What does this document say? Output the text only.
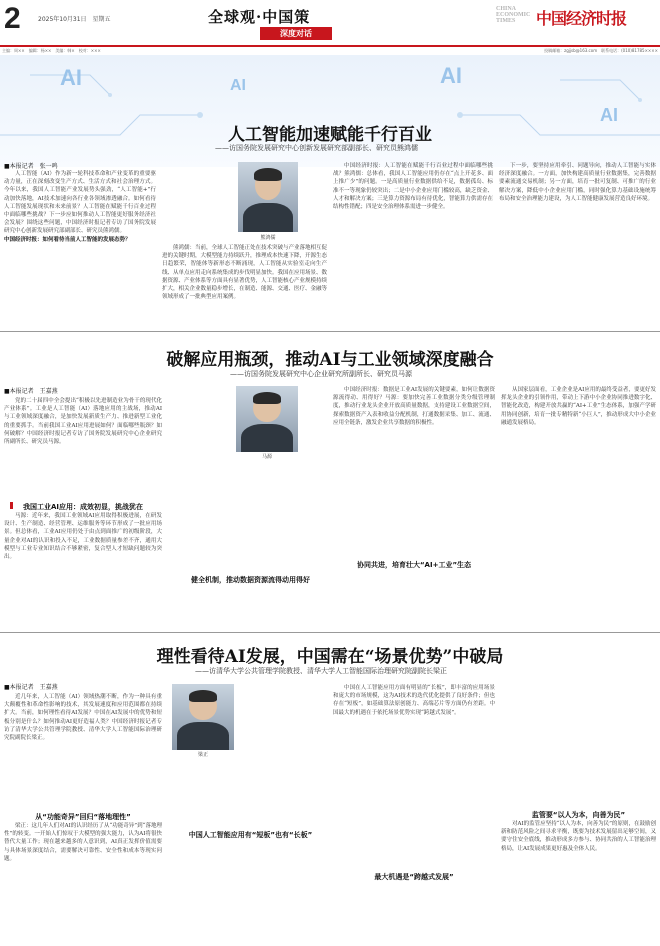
2	2025年10月31日　星期五	全球观·中国策
深度对话
CHINA ECONOMIC TIMES	中国经济时报
主编：周××　编辑：杨××　美编：韩×　校对：×××	投稿邮箱：zgjjsb@163.com　联系电话：(010)81785××××
AI	AI	AI
AI
人工智能加速赋能千行百业
——访国务院发展研究中心创新发展研究部副部长、研究员熊鸿儒
■本报记者　张一鸣
人工智能（AI）作为新一轮科技革命和产业变革的重要驱动力量，正在深刻改变生产方式、生活方式和社会治理方式。今年以来，我国人工智能产业发展势头强劲，“人工智能+”行动加快落地，AI技术加速向各行业各领域渗透融合。如何看待人工智能发展现状和未来前景？人工智能在赋能千行百业过程中面临哪些挑战？下一步应如何推动人工智能更好服务经济社会发展？围绕这些问题，中国经济时报记者专访了国务院发展研究中心创新发展研究部副部长、研究员熊鸿儒。
中国经济时报：如何看待当前人工智能的发展态势？	熊鸿儒
熊鸿儒：当前，全球人工智能正处在技术突破与产业落地相互促进的关键时期，大模型能力持续跃升，推理成本快速下降，开源生态日趋繁荣，智能体等新形态不断涌现，人工智能从实验室走向生产线、从单点应用走向系统集成的步伐明显加快。我国在应用场景、数据资源、产业体系等方面具有显著优势，人工智能核心产业规模持续扩大，相关企业数量稳步增长，在制造、能源、交通、医疗、金融等领域形成了一批典型应用案例。
中国经济时报：人工智能在赋能千行百业过程中面临哪些挑战？熊鸿儒：总体看，我国人工智能应用仍存在“点上开花多、面上推广少”的问题。一是高质量行业数据供给不足，数据孤岛、标准不一等现象仍较突出；二是中小企业应用门槛较高，缺乏资金、人才和解决方案；三是算力资源布局有待优化，智能算力供需存在结构性错配；四是安全治理体系需进一步健全。
下一步，要坚持应用牵引、问题导向，推动人工智能与实体经济深度融合。一方面，加快构建高质量行业数据集，完善数据要素流通交易机制；另一方面，培育一批可复制、可推广的行业解决方案，降低中小企业应用门槛，同时强化算力基础设施统筹布局和安全治理能力建设，为人工智能健康发展营造良好环境。
破解应用瓶颈，推动AI与工业领域深度融合
——访国务院发展研究中心企业研究所副所长、研究员马源
■本报记者　王嘉燕
党的二十届四中全会提出“积极以先进制造业为骨干的现代化产业体系”。工业是人工智能（AI）落地应用的主战场，推动AI与工业领域深度融合，是加快发展新质生产力、推进新型工业化的重要抓手。当前我国工业AI应用进展如何？面临哪些瓶颈？如何破解？中国经济时报记者专访了国务院发展研究中心企业研究所副所长、研究员马源。
我国工业AI应用：成效初显，挑战犹在
马源：近年来，我国工业领域AI应用取得积极进展，在研发设计、生产制造、经营管理、运维服务等环节形成了一批应用场景。但总体看，工业AI应用仍处于由点到面推广的初级阶段，大量企业对AI的认识和投入不足，工业数据质量参差不齐，通用大模型与工业专业知识结合不够紧密，复合型人才短缺问题较为突出。
马源
健全机制，推动数据资源流得动用得好
中国经济时报：数据是工业AI发展的关键要素，如何让数据资源流得动、用得好？马源：要加快完善工业数据分类分级管理制度，推动行业龙头企业开放高质量数据，支持建设工业数据空间，探索数据资产入表和收益分配机制，打通数据采集、加工、流通、应用全链条，激发企业共享数据的积极性。
协同共进，培育壮大“AI+工业”生态
从国家层面看，工业企业是AI应用的最终受益者，要更好发挥龙头企业的引领作用，带动上下游中小企业协同推进数字化、智能化改造，构建开放共赢的“AI+工业”生态体系，加强产学研用协同创新，培育一批专精特新“小巨人”，推动形成大中小企业融通发展格局。
理性看待AI发展，中国需在“场景优势”中破局
——访清华大学公共管理学院教授、清华大学人工智能国际治理研究院副院长梁正
■本报记者　王嘉燕
近几年来，人工智能（AI）领域热潮不断，作为一种具有重大颠覆性和革命性影响的技术，其发展速度和应用范围都在持续扩大。当前，如何理性看待AI发展？中国在AI发展中的优势和短板分别是什么？如何推动AI更好造福人类？中国经济时报记者专访了清华大学公共管理学院教授、清华大学人工智能国际治理研究院副院长梁正。
从“功能奇异”回归“落地理性”
梁正：这几年人们对AI的认识经历了从“功能奇异”到“落地理性”的转变。一开始人们惊叹于大模型的强大能力，认为AI将很快替代大量工作；现在越来越多的人意识到，AI真正发挥价值需要与具体场景深度结合，需要解决可靠性、安全性和成本等现实问题。
梁正
中国人工智能应用有“短板”也有“长板”
中国在人工智能应用方面有明显的“长板”，即丰富的应用场景和庞大的市场规模，这为AI技术的迭代优化提供了良好条件；但也存在“短板”，如基础算法原创能力、高端芯片等方面仍有差距。中国最大的机遇在于依托场景优势实现“跨越式发展”。
最大机遇是“跨越式发展”
监管要“以人为本，向善为民”
对AI的监管应坚持“以人为本，向善为民”的原则，在鼓励创新和防范风险之间寻求平衡，既要为技术发展留出足够空间，又要守住安全底线，推动形成多方参与、协同共治的人工智能治理格局，让AI发展成果更好惠及全体人民。
